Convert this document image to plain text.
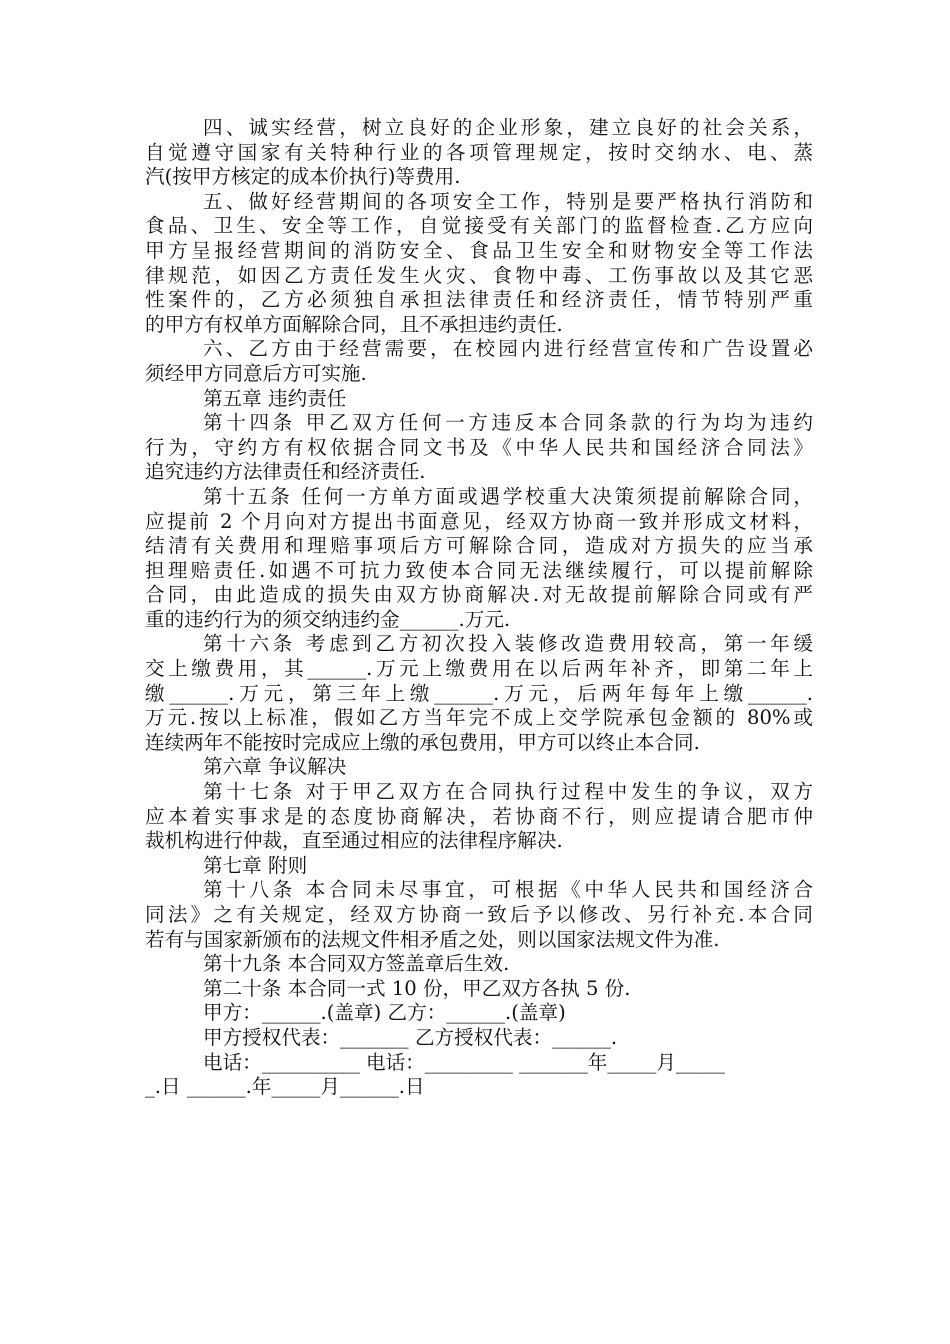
四、诚实经营，树立良好的企业形象，建立良好的社会关系，
自觉遵守国家有关特种行业的各项管理规定，按时交纳水、电、蒸
汽(按甲方核定的成本价执行)等费用.
五、做好经营期间的各项安全工作，特别是要严格执行消防和
食品、卫生、安全等工作，自觉接受有关部门的监督检查.乙方应向
甲方呈报经营期间的消防安全、食品卫生安全和财物安全等工作法
律规范，如因乙方责任发生火灾、食物中毒、工伤事故以及其它恶
性案件的，乙方必须独自承担法律责任和经济责任，情节特别严重
的甲方有权单方面解除合同，且不承担违约责任.
六、乙方由于经营需要，在校园内进行经营宣传和广告设置必
须经甲方同意后方可实施.
第五章 违约责任
第十四条 甲乙双方任何一方违反本合同条款的行为均为违约
行为，守约方有权依据合同文书及《中华人民共和国经济合同法》
追究违约方法律责任和经济责任.
第十五条 任何一方单方面或遇学校重大决策须提前解除合同，
应提前 2 个月向对方提出书面意见，经双方协商一致并形成文材料，
结清有关费用和理赔事项后方可解除合同，造成对方损失的应当承
担理赔责任.如遇不可抗力致使本合同无法继续履行，可以提前解除
合同，由此造成的损失由双方协商解决.对无故提前解除合同或有严
重的违约行为的须交纳违约金______.万元.
第十六条 考虑到乙方初次投入装修改造费用较高，第一年缓
交上缴费用，其______.万元上缴费用在以后两年补齐，即第二年上
缴______.万元，第三年上缴______.万元，后两年每年上缴______.
万元.按以上标准，假如乙方当年完不成上交学院承包金额的 80%或
连续两年不能按时完成应上缴的承包费用，甲方可以终止本合同.
第六章 争议解决
第十七条 对于甲乙双方在合同执行过程中发生的争议，双方
应本着实事求是的态度协商解决，若协商不行，则应提请合肥市仲
裁机构进行仲裁，直至通过相应的法律程序解决.
第七章 附则
第十八条 本合同未尽事宜，可根据《中华人民共和国经济合
同法》之有关规定，经双方协商一致后予以修改、另行补充.本合同
若有与国家新颁布的法规文件相矛盾之处，则以国家法规文件为准.
第十九条 本合同双方签盖章后生效.
第二十条 本合同一式 10 份，甲乙双方各执 5 份.
甲方：______.(盖章) 乙方：______.(盖章)
甲方授权代表：_______ 乙方授权代表：______.
电话：__________ 电话：_________ _______年_____月_____
_.日 ______.年_____月______.日
